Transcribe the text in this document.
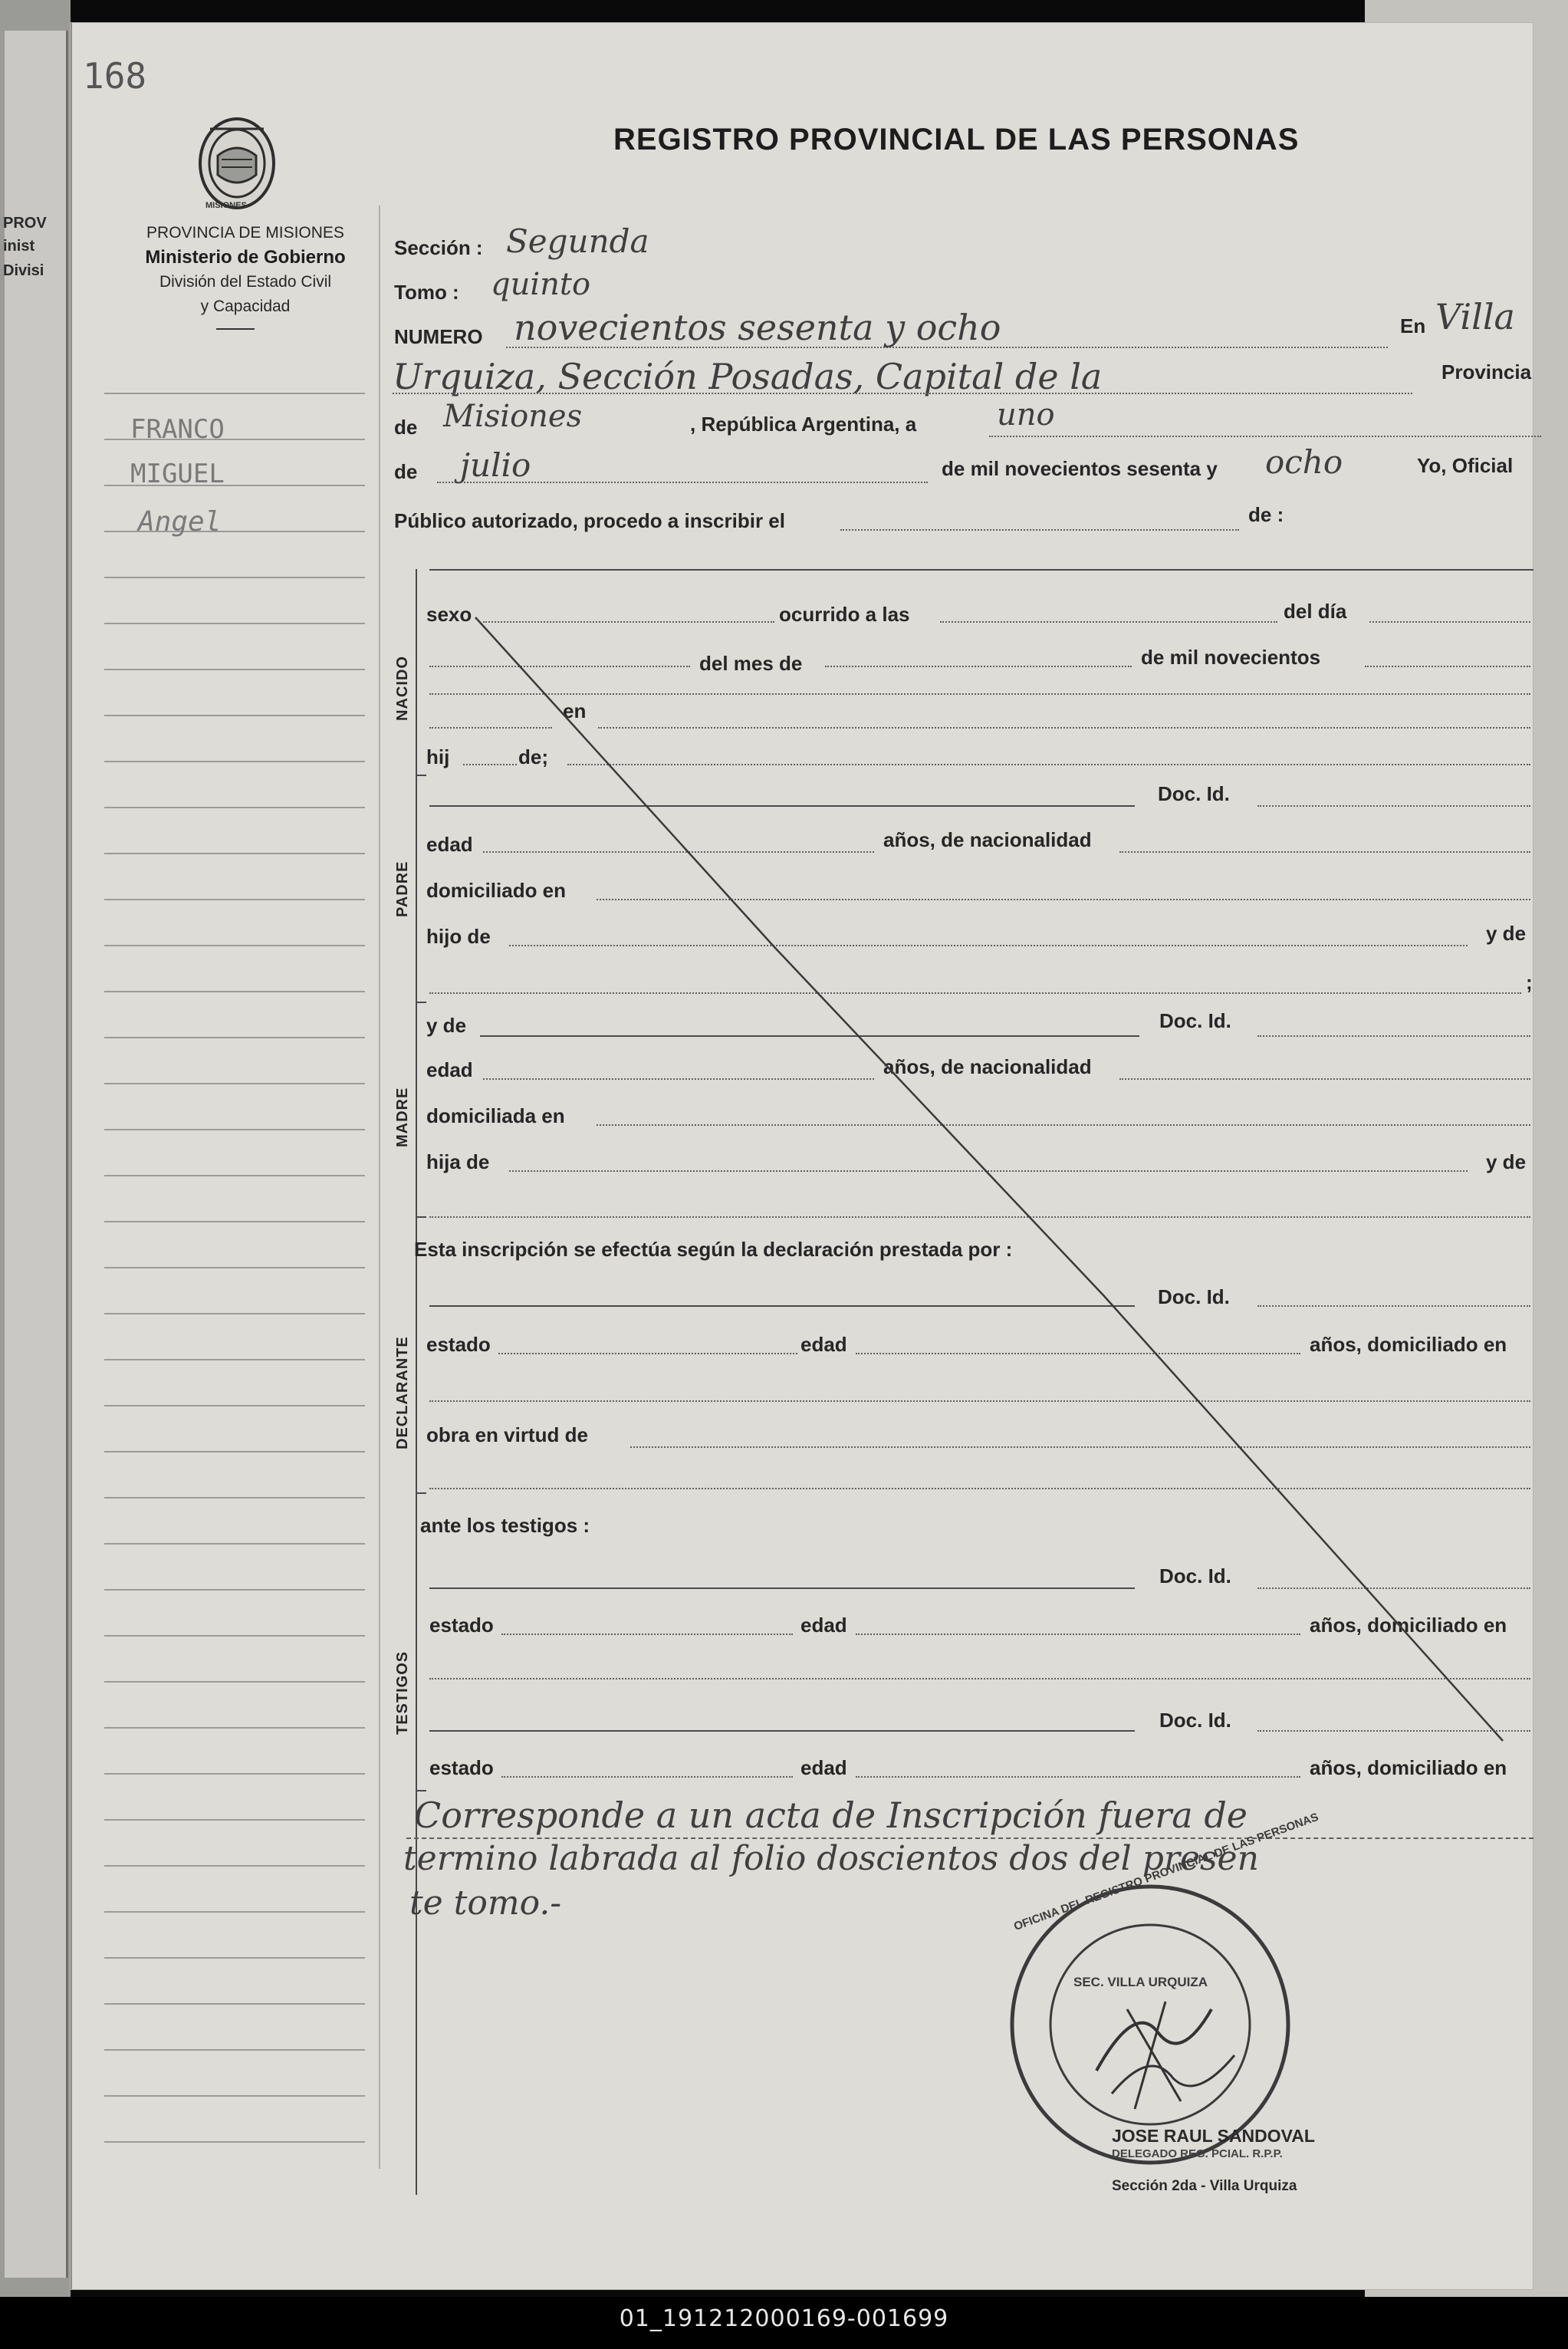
PROV
inist
Divisi
168
REGISTRO PROVINCIAL DE LAS PERSONAS
MISIONES
PROVINCIA DE MISIONES
Ministerio de Gobierno
División del Estado Civil
y Capacidad
FRANCO
MIGUEL
Angel
Sección : Segunda
Tomo : quinto
NUMERO novecientos sesenta y ocho	En Villa
Urquiza, Sección Posadas, Capital de la	Provincia
de Misiones	, República Argentina, a	uno
de julio	de mil novecientos sesenta y ocho	Yo, Oficial
Público autorizado, procedo a inscribir el	de :
NACIDO
sexo	ocurrido a las	del día
del mes de	de mil novecientos
en
hij	de;
Doc. Id.
PADRE
edad	años, de nacionalidad
domiciliado en
hijo de	y de
;
MADRE
y de	Doc. Id.
edad	años, de nacionalidad
domiciliada en
hija de	y de
Esta inscripción se efectúa según la declaración prestada por :
DECLARANTE
Doc. Id.
estado	edad	años, domiciliado en
obra en virtud de
ante los testigos :
TESTIGOS
Doc. Id.
estado	edad	años, domiciliado en
Doc. Id.
estado	edad	años, domiciliado en
Corresponde a un acta de Inscripción fuera de
termino labrada al folio doscientos dos del presen
te tomo.-	OFICINA DEL REGISTRO PROVINCIAL DE LAS PERSONAS
SEC. VILLA URQUIZA
JOSE RAUL SANDOVAL
DELEGADO REG. PCIAL. R.P.P.
Sección 2da - Villa Urquiza
01_191212000169-001699
